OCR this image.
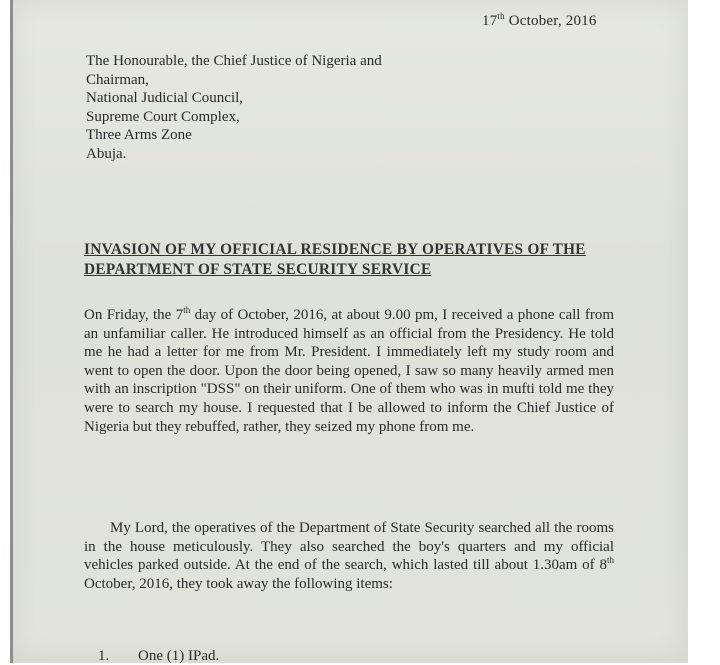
17th October, 2016
The Honourable, the Chief Justice of Nigeria and
Chairman,
National Judicial Council,
Supreme Court Complex,
Three Arms Zone
Abuja.
INVASION OF MY OFFICIAL RESIDENCE BY OPERATIVES OF THE DEPARTMENT OF STATE SECURITY SERVICE
On Friday, the 7th day of October, 2016, at about 9.00 pm, I received a phone call from an unfamiliar caller. He introduced himself as an official from the Presidency. He told me he had a letter for me from Mr. President. I immediately left my study room and went to open the door. Upon the door being opened, I saw so many heavily armed men with an inscription "DSS" on their uniform. One of them who was in mufti told me they were to search my house. I requested that I be allowed to inform the Chief Justice of Nigeria but they rebuffed, rather, they seized my phone from me.
My Lord, the operatives of the Department of State Security searched all the rooms in the house meticulously. They also searched the boy's quarters and my official vehicles parked outside. At the end of the search, which lasted till about 1.30am of 8th October, 2016, they took away the following items:
1. One (1) IPad.
